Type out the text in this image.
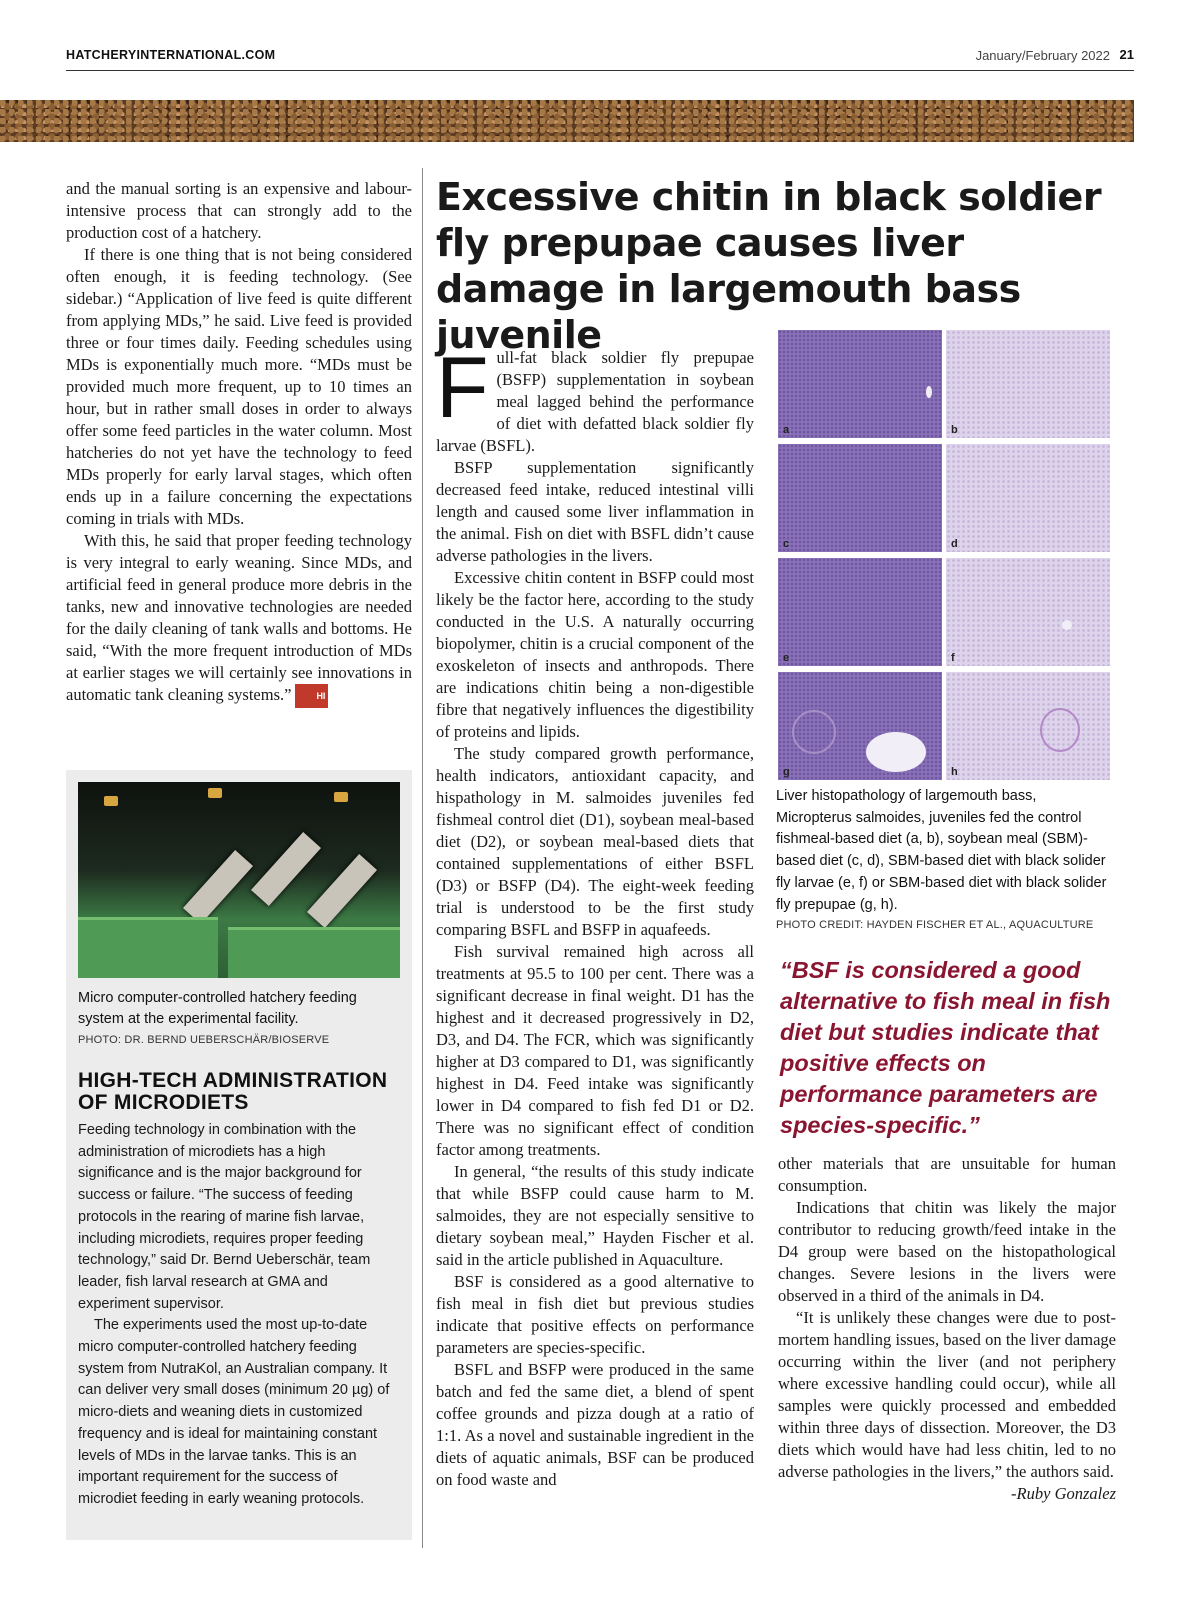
HATCHERYINTERNATIONAL.COM	January/February 2022 21

and the manual sorting is an expensive and labour-intensive process that can strongly add to the production cost of a hatchery.

If there is one thing that is not being considered often enough, it is feeding technology. (See sidebar.) “Application of live feed is quite different from applying MDs,” he said. Live feed is provided three or four times daily. Feeding schedules using MDs is exponentially much more. “MDs must be provided much more frequent, up to 10 times an hour, but in rather small doses in order to always offer some feed particles in the water column. Most hatcheries do not yet have the technology to feed MDs properly for early larval stages, which often ends up in a failure concerning the expectations coming in trials with MDs.

With this, he said that proper feeding technology is very integral to early weaning. Since MDs, and artificial feed in general produce more debris in the tanks, new and innovative technologies are needed for the daily cleaning of tank walls and bottoms. He said, “With the more frequent introduction of MDs at earlier stages we will certainly see innovations in automatic tank cleaning systems.”	HI

Micro computer-controlled hatchery feeding system at the experimental facility.
PHOTO: DR. BERND UEBERSCHÄR/BIOSERVE
HIGH-TECH ADMINISTRATION OF MICRODIETS

Feeding technology in combination with the administration of microdiets has a high significance and is the major background for success or failure. “The success of feeding protocols in the rearing of marine fish larvae, including microdiets, requires proper feeding technology,” said Dr. Bernd Ueberschär, team leader, fish larval research at GMA and experiment supervisor.

The experiments used the most up-to-date micro computer-controlled hatchery feeding system from NutraKol, an Australian company. It can deliver very small doses (minimum 20 µg) of micro-diets and weaning diets in customized frequency and is ideal for maintaining constant levels of MDs in the larvae tanks. This is an important requirement for the success of microdiet feeding in early weaning protocols.

Excessive chitin in black soldier fly prepupae causes liver damage in largemouth bass juvenile

Full-fat black soldier fly prepupae (BSFP) supplementation in soybean meal lagged behind the performance of diet with defatted black soldier fly larvae (BSFL).

BSFP supplementation significantly decreased feed intake, reduced intestinal villi length and caused some liver inflammation in the animal. Fish on diet with BSFL didn’t cause adverse pathologies in the livers.

Excessive chitin content in BSFP could most likely be the factor here, according to the study conducted in the U.S. A naturally occurring biopolymer, chitin is a crucial component of the exoskeleton of insects and anthropods. There are indications chitin being a non-digestible fibre that negatively influences the digestibility of proteins and lipids.

The study compared growth performance, health indicators, antioxidant capacity, and hispathology in M. salmoides juveniles fed fishmeal control diet (D1), soybean meal-based diet (D2), or soybean meal-based diets that contained supplementations of either BSFL (D3) or BSFP (D4). The eight-week feeding trial is understood to be the first study comparing BSFL and BSFP in aquafeeds.

Fish survival remained high across all treatments at 95.5 to 100 per cent. There was a significant decrease in final weight. D1 has the highest and it decreased progressively in D2, D3, and D4. The FCR, which was significantly higher at D3 compared to D1, was significantly highest in D4. Feed intake was significantly lower in D4 compared to fish fed D1 or D2. There was no significant effect of condition factor among treatments.

In general, “the results of this study indicate that while BSFP could cause harm to M. salmoides, they are not especially sensitive to dietary soybean meal,” Hayden Fischer et al. said in the article published in Aquaculture.

BSF is considered as a good alternative to fish meal in fish diet but previous studies indicate that positive effects on performance parameters are species-specific.

BSFL and BSFP were produced in the same batch and fed the same diet, a blend of spent coffee grounds and pizza dough at a ratio of 1:1. As a novel and sustainable ingredient in the diets of aquatic animals, BSF can be produced on food waste and

a	b
c	d
e	f
g	h
Liver histopathology of largemouth bass, Micropterus salmoides, juveniles fed the control fishmeal-based diet (a, b), soybean meal (SBM)-based diet (c, d), SBM-based diet with black solider fly larvae (e, f) or SBM-based diet with black solider fly prepupae (g, h).
PHOTO CREDIT: HAYDEN FISCHER ET AL., AQUACULTURE
“BSF is considered a good alternative to fish meal in fish diet but studies indicate that positive effects on performance parameters are species-specific.”

other materials that are unsuitable for human consumption.

Indications that chitin was likely the major contributor to reducing growth/feed intake in the D4 group were based on the histopathological changes. Severe lesions in the livers were observed in a third of the animals in D4.

“It is unlikely these changes were due to post-mortem handling issues, based on the liver damage occurring within the liver (and not periphery where excessive handling could occur), while all samples were quickly processed and embedded within three days of dissection. Moreover, the D3 diets which would have had less chitin, led to no adverse pathologies in the livers,” the authors said.

-Ruby Gonzalez
